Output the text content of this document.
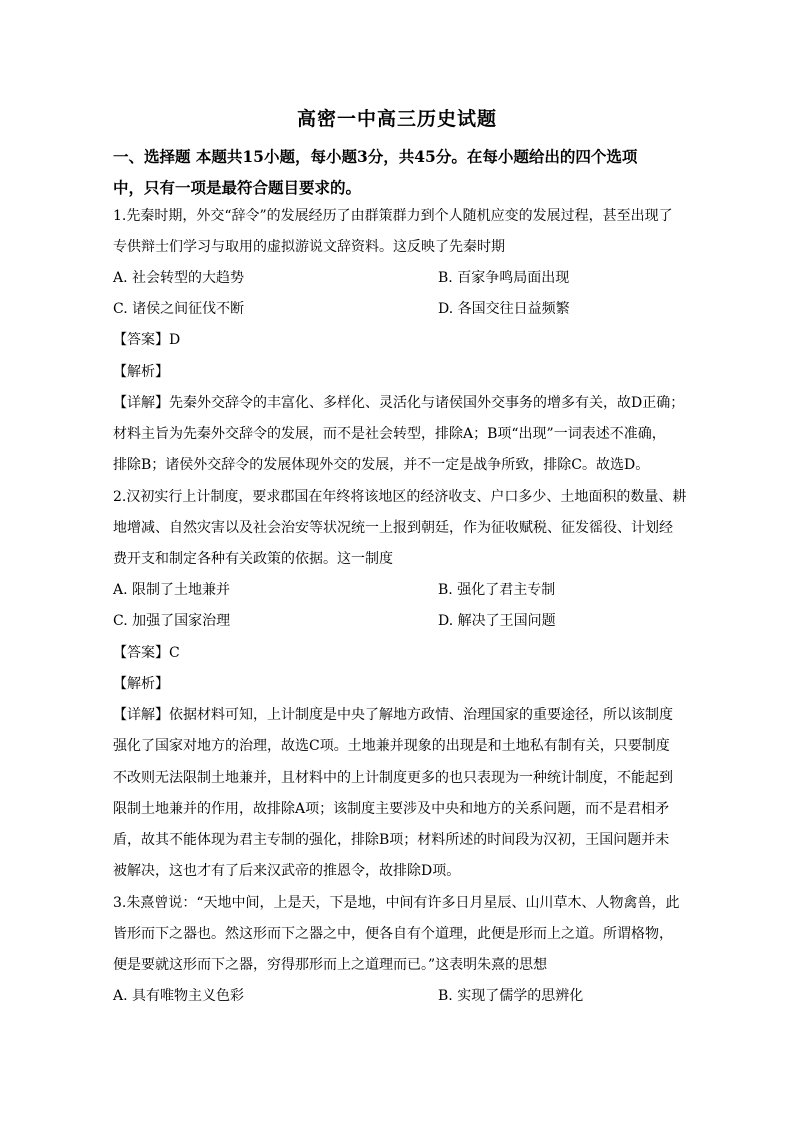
高密一中高三历史试题
一、选择题 本题共15小题，每小题3分，共45分。在每小题给出的四个选项
中，只有一项是最符合题目要求的。
1.先秦时期，外交“辞令”的发展经历了由群策群力到个人随机应变的发展过程，甚至出现了
专供辩士们学习与取用的虚拟游说文辞资料。这反映了先秦时期
A. 社会转型的大趋势	B. 百家争鸣局面出现
C. 诸侯之间征伐不断	D. 各国交往日益频繁
【答案】D
【解析】
【详解】先秦外交辞令的丰富化、多样化、灵活化与诸侯国外交事务的增多有关，故D正确；
材料主旨为先秦外交辞令的发展，而不是社会转型，排除A；B项“出现”一词表述不准确，
排除B；诸侯外交辞令的发展体现外交的发展，并不一定是战争所致，排除C。故选D。
2.汉初实行上计制度，要求郡国在年终将该地区的经济收支、户口多少、土地面积的数量、耕
地增减、自然灾害以及社会治安等状况统一上报到朝廷，作为征收赋税、征发徭役、计划经
费开支和制定各种有关政策的依据。这一制度
A. 限制了土地兼并	B. 强化了君主专制
C. 加强了国家治理	D. 解决了王国问题
【答案】C
【解析】
【详解】依据材料可知，上计制度是中央了解地方政情、治理国家的重要途径，所以该制度
强化了国家对地方的治理，故选C项。土地兼并现象的出现是和土地私有制有关，只要制度
不改则无法限制土地兼并，且材料中的上计制度更多的也只表现为一种统计制度，不能起到
限制土地兼并的作用，故排除A项；该制度主要涉及中央和地方的关系问题，而不是君相矛
盾，故其不能体现为君主专制的强化，排除B项；材料所述的时间段为汉初，王国问题并未
被解决，这也才有了后来汉武帝的推恩令，故排除D项。
3.朱熹曾说：“天地中间，上是天，下是地，中间有许多日月星辰、山川草木、人物禽兽，此
皆形而下之器也。然这形而下之器之中，便各自有个道理，此便是形而上之道。所谓格物，
便是要就这形而下之器，穷得那形而上之道理而已。”这表明朱熹的思想
A. 具有唯物主义色彩	B. 实现了儒学的思辨化
